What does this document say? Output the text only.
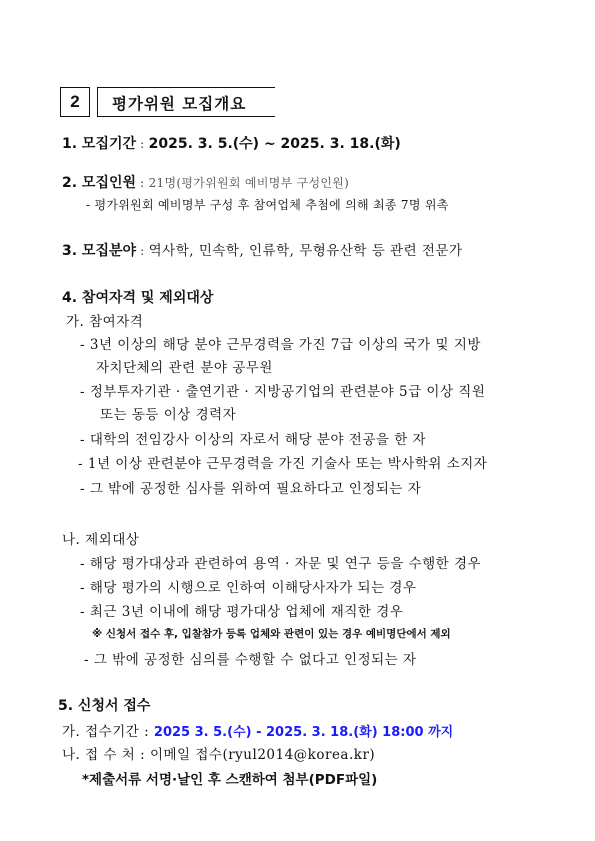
2	평가위원 모집개요
1. 모집기간 : 2025. 3. 5.(수) ~ 2025. 3. 18.(화)
2. 모집인원 : 21명(평가위원회 예비명부 구성인원)
- 평가위원회 예비명부 구성 후 참여업체 추첨에 의해 최종 7명 위촉
3. 모집분야 : 역사학, 민속학, 인류학, 무형유산학 등 관련 전문가
4. 참여자격 및 제외대상
가. 참여자격
- 3년 이상의 해당 분야 근무경력을 가진 7급 이상의 국가 및 지방
자치단체의 관련 분야 공무원
- 정부투자기관 · 출연기관 · 지방공기업의 관련분야 5급 이상 직원
또는 동등 이상 경력자
- 대학의 전임강사 이상의 자로서 해당 분야 전공을 한 자
- 1년 이상 관련분야 근무경력을 가진 기술사 또는 박사학위 소지자
- 그 밖에 공정한 심사를 위하여 필요하다고 인정되는 자
나. 제외대상
- 해당 평가대상과 관련하여 용역 · 자문 및 연구 등을 수행한 경우
- 해당 평가의 시행으로 인하여 이해당사자가 되는 경우
- 최근 3년 이내에 해당 평가대상 업체에 재직한 경우
※ 신청서 접수 후, 입찰참가 등록 업체와 관련이 있는 경우 예비명단에서 제외
- 그 밖에 공정한 심의를 수행할 수 없다고 인정되는 자
5. 신청서 접수
가. 접수기간 : 2025 3. 5.(수) - 2025. 3. 18.(화) 18:00 까지
나. 접 수 처 : 이메일 접수(ryul2014@korea.kr)
*제출서류 서명·날인 후 스캔하여 첨부(PDF파일)
